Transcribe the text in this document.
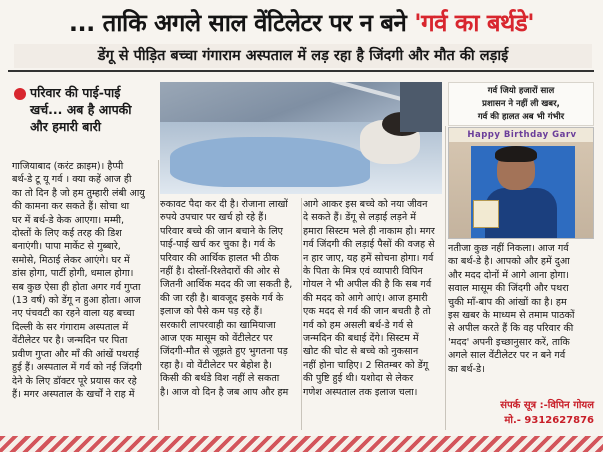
... ताकि अगले साल वेंटिलेटर पर न बने 'गर्व का बर्थडे'
डेंगू से पीड़ित बच्चा गंगाराम अस्पताल में लड़ रहा है जिंदगी और मौत की लड़ाई
परिवार की पाई-पाई
खर्च... अब है आपकी
और हमारी बारी
गर्व जियो हजारों साल
प्रशासन ने नहीं ली खबर,
गर्व की हालत अब भी गंभीर
Happy Birthday Garv

गाजियाबाद (करंट क्राइम)। हैप्पी

बर्थ-डे टू यू गर्व । क्या कहें आज ही

का तो दिन है जो हम तुम्हारी लंबी आयु

की कामना कर सकते हैं। सोचा था

घर में बर्थ-डे केक आएगा। मम्मी,

दोस्तों के लिए कई तरह की डिश

बनाएंगी। पापा मार्केट से गुब्बारे,

समोसे, मिठाई लेकर आएंगे। घर में

डांस होगा, पार्टी होगी, धमाल होगा।

सब कुछ ऐसा ही होता अगर गर्व गुप्ता

(13 वर्ष) को डेंगू न हुआ होता। आज

नए पंचवटी का रहने वाला यह बच्चा

दिल्ली के सर गंगाराम अस्पताल में

वेंटीलेटर पर है। जन्मदिन पर पिता

प्रवीण गुप्ता और माँ की आंखें पथराई

हुई हैं। अस्पताल में गर्व को नई जिंदगी

देने के लिए डॉक्टर पूरे प्रयास कर रहे

हैं। मगर अस्पताल के खर्चों ने राह में

रुकावट पैदा कर दी है। रोजाना लाखों

रुपये उपचार पर खर्च हो रहे हैं।

परिवार बच्चे की जान बचाने के लिए

पाई-पाई खर्च कर चुका है। गर्व के

परिवार की आर्थिक हालत भी ठीक

नहीं है। दोस्तों-रिश्तेदारों की ओर से

जितनी आर्थिक मदद की जा सकती है,

की जा रही है। बावजूद इसके गर्व के

इलाज को पैसे कम पड़ रहे हैं।

सरकारी लापरवाही का खामियाजा

आज एक मासूम को वेंटीलेटर पर

जिंदगी-मौत से जूझते हुए भुगतना पड़

रहा है। वो वेंटीलेटर पर बेहोश है।

किसी की बर्थडे विश नहीं ले सकता

है। आज वो दिन है जब आप और हम

आगे आकर इस बच्चे को नया जीवन

दे सकते हैं। डेंगू से लड़ाई लड़ने में

हमारा सिस्टम भले ही नाकाम हो। मगर

गर्व जिंदगी की लड़ाई पैसों की वजह से

न हार जाए, यह हमें सोचना होगा। गर्व

के पिता के मित्र एवं व्यापारी विपिन

गोयल ने भी अपील की है कि सब गर्व

की मदद को आगे आएं। आज हमारी

एक मदद से गर्व की जान बचती है तो

गर्व को हम असली बर्थ-डे गर्व से

जन्मदिन की बधाई देंगे। सिस्टम में

खोट की चोट से बच्चे को नुकसान

नहीं होना चाहिए। 2 सितम्बर को डेंगू

की पुष्टि हुई थी। यशोदा से लेकर

गणेश अस्पताल तक इलाज चला।

नतीजा कुछ नहीं निकला। आज गर्व

का बर्थ-डे है। आपको और हमें दुआ

और मदद दोनों में आगे आना होगा।

सवाल मासूम की जिंदगी और पथरा

चुकी माँ-बाप की आंखों का है। हम

इस खबर के माध्यम से तमाम पाठकों

से अपील करते हैं कि वह परिवार की

'मदद' अपनी इच्छानुसार करें, ताकि

अगले साल वेंटीलेटर पर न बने गर्व

का बर्थ-डे।

संपर्क सूत्र :-विपिन गोयल
मो.- 9312627876
